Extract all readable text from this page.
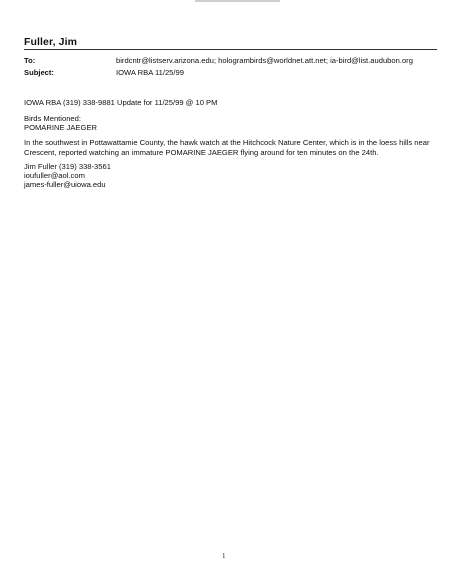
Fuller, Jim
To:	birdcntr@listserv.arizona.edu; hologrambirds@worldnet.att.net; ia-bird@list.audubon.org
Subject:	IOWA RBA 11/25/99
IOWA RBA (319) 338-9881 Update for 11/25/99 @ 10 PM
Birds Mentioned:
POMARINE JAEGER
In the southwest in Pottawattamie County, the hawk watch at the Hitchcock Nature Center, which is in the loess hills near Crescent, reported watching an immature POMARINE JAEGER flying around for ten minutes on the 24th.
Jim Fuller (319) 338-3561
ioufuller@aol.com
james-fuller@uiowa.edu
1
